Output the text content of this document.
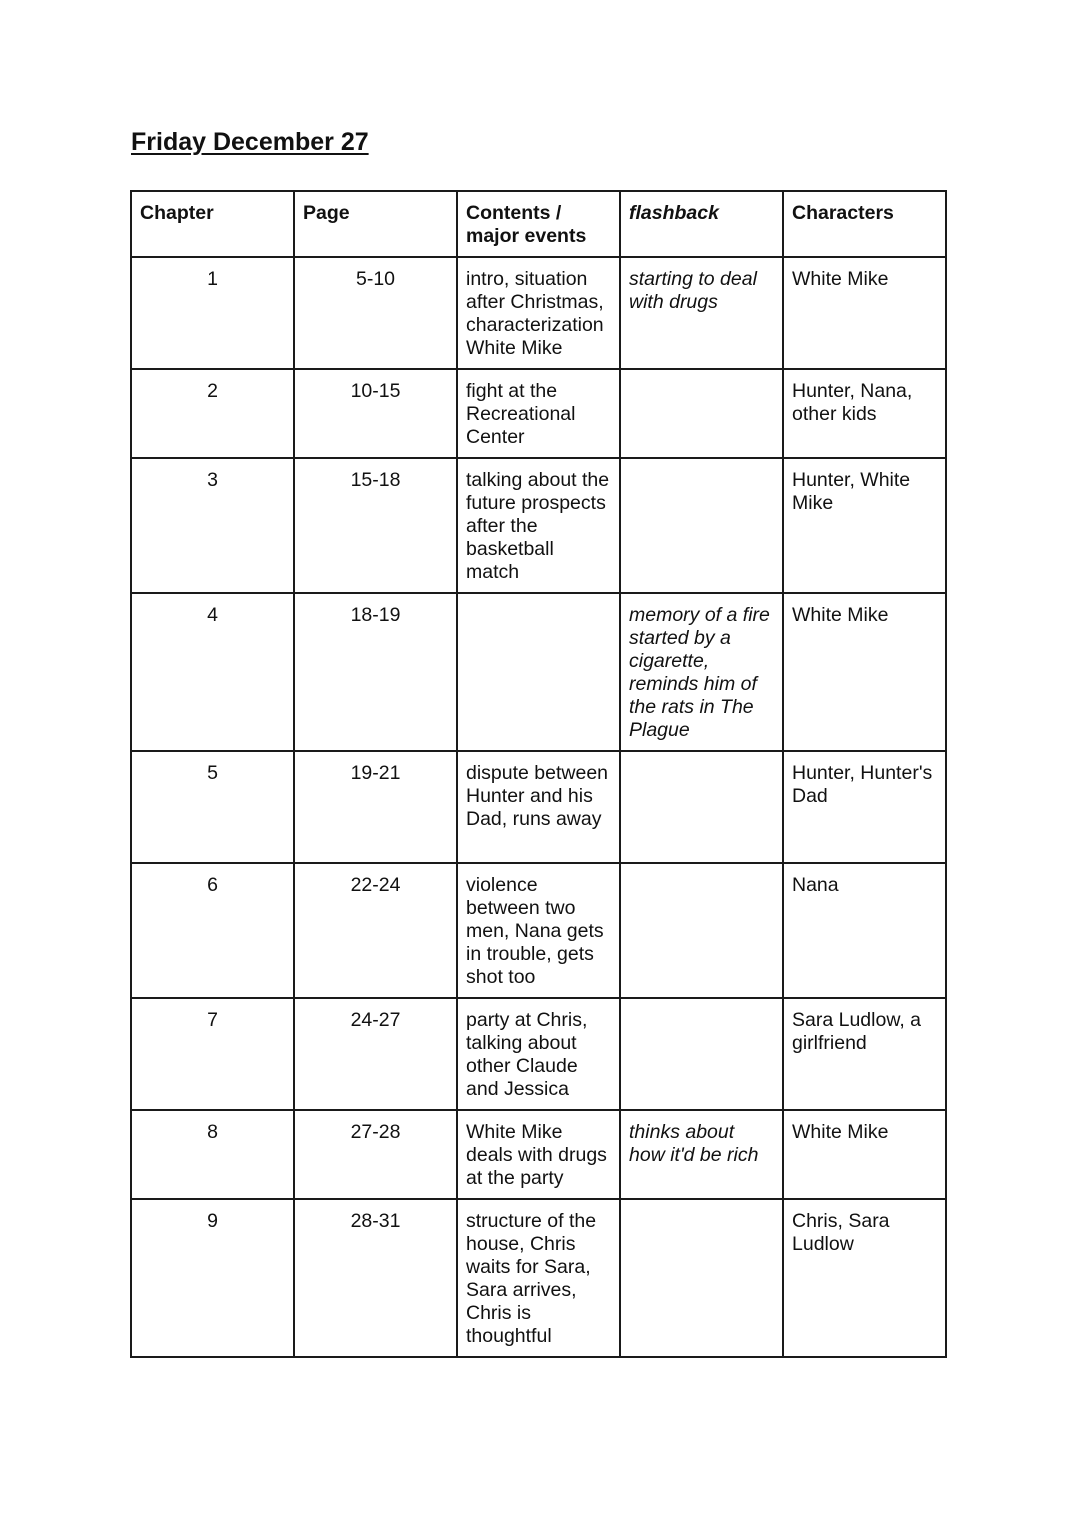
Friday December 27
Chapter	Page	Contents / major events	flashback	Characters
1	5-10	intro, situation after Christmas, characterization White Mike	starting to deal with drugs	White Mike
2	10-15	fight at the Recreational Center		Hunter, Nana, other kids
3	15-18	talking about the future prospects after the basketball match		Hunter, White Mike
4	18-19		memory of a fire started by a cigarette, reminds him of the rats in The Plague	White Mike
5	19-21	dispute between Hunter and his Dad, runs away		Hunter, Hunter's Dad
6	22-24	violence between two men, Nana gets in trouble, gets shot too		Nana
7	24-27	party at Chris, talking about other Claude and Jessica		Sara Ludlow, a girlfriend
8	27-28	White Mike deals with drugs at the party	thinks about how it'd be rich	White Mike
9	28-31	structure of the house, Chris waits for Sara, Sara arrives, Chris is thoughtful		Chris, Sara Ludlow
